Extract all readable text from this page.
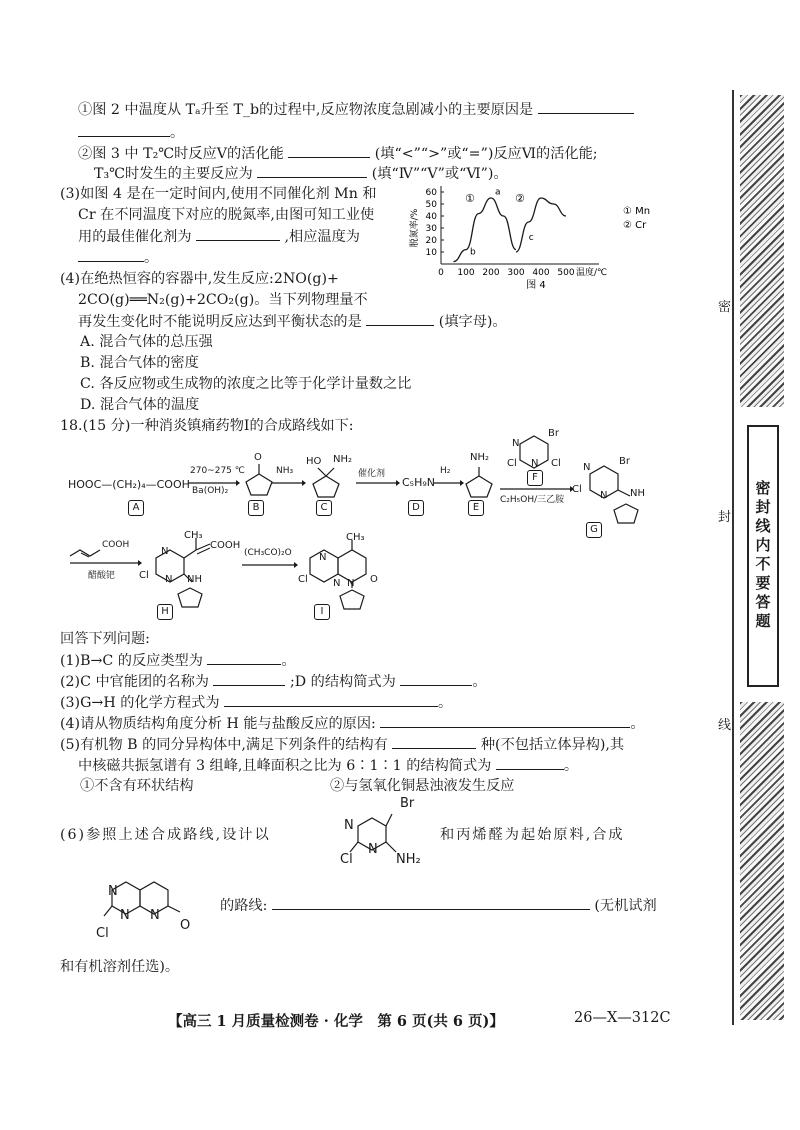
①图 2 中温度从 Tₐ升至 T_b的过程中,反应物浓度急剧减小的主要原因是
。
②图 3 中 T₂℃时反应Ⅴ的活化能	(填“<”“>”或“=”)反应Ⅵ的活化能;
T₃℃时发生的主要反应为	(填“Ⅳ”“Ⅴ”或“Ⅵ”)。
(3)如图 4 是在一定时间内,使用不同催化剂 Mn 和
Cr 在不同温度下对应的脱氮率,由图可知工业使
用的最佳催化剂为	,相应温度为
。	10
20
30
40
50
60
0 100 200 300 400 500 温度/℃
脱氮率/%
①	②
a
b
c
① Mn
② Cr
图 4
(4)在绝热恒容的容器中,发生反应:2NO(g)+
2CO(g)══N₂(g)+2CO₂(g)。当下列物理量不
再发生变化时不能说明反应达到平衡状态的是	(填字母)。
A. 混合气体的总压强
B. 混合气体的密度
C. 各反应物或生成物的浓度之比等于化学计量数之比
D. 混合气体的温度
18.(15 分)一种消炎镇痛药物Ⅰ的合成路线如下:
HOOC—(CH₂)₄—COOH
A
270~275 ℃
Ba(OH)₂
O
B
NH₃
HO NH₂
C
催化剂
C₅H₉N
D
H₂
NH₂
E
N
N
Br
Cl	Cl
F
C₂H₅OH/三乙胺
N
N
Br
Cl	NH
G
COOH
醋酸钯
CH₃
COOH
N
Cl N NH
H
(CH₃CO)₂O
CH₃
N
Cl	N N O
I
回答下列问题:
(1)B→C 的反应类型为	。
(2)C 中官能团的名称为	;D 的结构简式为	。
(3)G→H 的化学方程式为	。
(4)请从物质结构角度分析 H 能与盐酸反应的原因:	。
(5)有机物 B 的同分异构体中,满足下列条件的结构有	种(不包括立体异构),其
中核磁共振氢谱有 3 组峰,且峰面积之比为 6∶1∶1 的结构简式为	。
①不含有环状结构	②与氢氧化铜悬浊液发生反应
(6)参照上述合成路线,设计以
Br
N
N
Cl	NH₂
和丙烯醛为起始原料,合成
N
N N
Cl
O
的路线:	(无机试剂
和有机溶剂任选)。
【高三 1 月质量检测卷 · 化学　第 6 页(共 6 页)】	26—X—312C
密封线内不要答题
密
封
线
